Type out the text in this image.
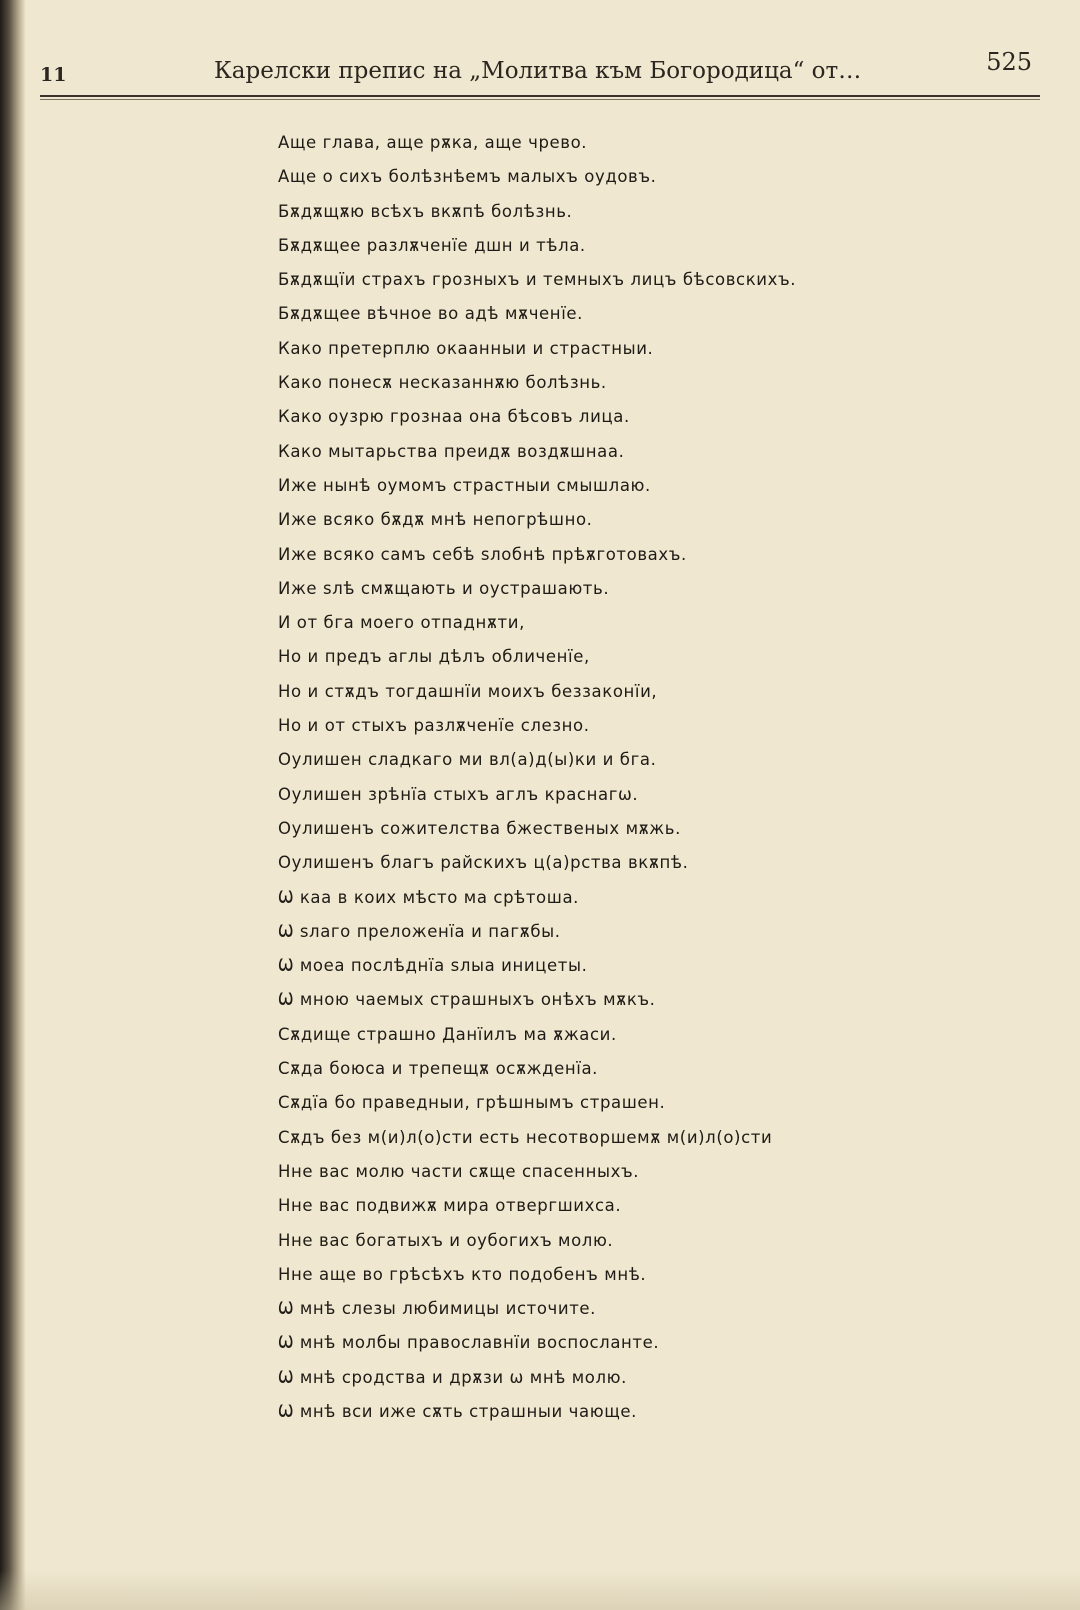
11	Карелски препис на „Молитва към Богородица“ от…	525
Аще глава, аще рѫка, аще чрево.
Аще о сихъ болѣзнѣемъ малыхъ оудовъ.
Бѫдѫщѫю всѣхъ вкѫпѣ болѣзнь.
Бѫдѫщее разлѫченїе дшн и тѣла.
Бѫдѫщїи страхъ грозныхъ и темныхъ лицъ бѣсовскихъ.
Бѫдѫщее вѣчное во адѣ мѫченїе.
Како претерплю окаанныи и страстныи.
Како понесѫ несказаннѫю болѣзнь.
Како оузрю грознаа она бѣсовъ лица.
Како мытарьства преидѫ воздѫшнаа.
Иже нынѣ оумомъ страстныи смышлаю.
Иже всяко бѫдѫ мнѣ непогрѣшно.
Иже всяко самъ себѣ ѕлобнѣ прѣѫготовахъ.
Иже ѕлѣ смѫщають и оустрашають.
И от бга моего отпаднѫти,
Но и предъ аглы дѣлъ обличенїе,
Но и стѫдъ тогдашнїи моихъ беззаконїи,
Но и от стыхъ разлѫченїе слезно.
Оулишен сладкаго ми вл(а)д(ы)ки и бга.
Оулишен зрѣнїа стыхъ аглъ краснагѡ.
Оулишенъ сожителства бжественых мѫжь.
Оулишенъ благъ райскихъ ц(а)рства вкѫпѣ.
Ѡ каа в коих мѣсто ма срѣтоша.
Ѡ ѕлаго преложенїа и пагѫбы.
Ѡ моеа послѣднїа ѕлыа иницеты.
Ѡ мною чаемых страшныхъ онѣхъ мѫкъ.
Сѫдище страшно Данїилъ ма ѫжаси.
Сѫда боюса и трепещѫ осѫжденїа.
Сѫдїа бо праведныи, грѣшнымъ страшен.
Сѫдъ без м(и)л(о)сти есть несотворшемѫ м(и)л(о)сти
Нне вас молю части сѫще спасенныхъ.
Нне вас подвижѫ мира отвергшихса.
Нне вас богатыхъ и оубогихъ молю.
Нне аще во грѣсѣхъ кто подобенъ мнѣ.
Ѡ мнѣ слезы любимицы источите.
Ѡ мнѣ молбы православнїи воспосланте.
Ѡ мнѣ сродства и дрѫзи ѡ мнѣ молю.
Ѡ мнѣ вси иже сѫть страшныи чающе.
